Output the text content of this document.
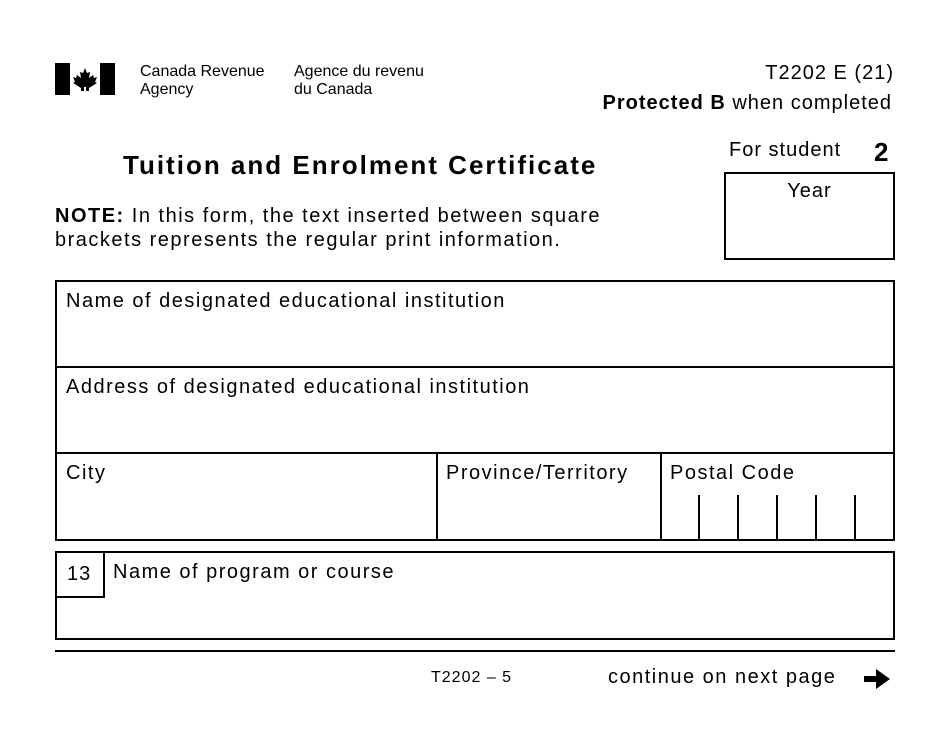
Canada Revenue
Agency
Agence du revenu
du Canada
T2202 E (21)
Protected B when completed
Tuition and Enrolment Certificate
NOTE: In this form, the text inserted between square brackets represents the regular print information.
For student 2
Year
Name of designated educational institution
Address of designated educational institution
City	Province/Territory Postal Code
13 Name of program or course
T2202 – 5	continue on next page
